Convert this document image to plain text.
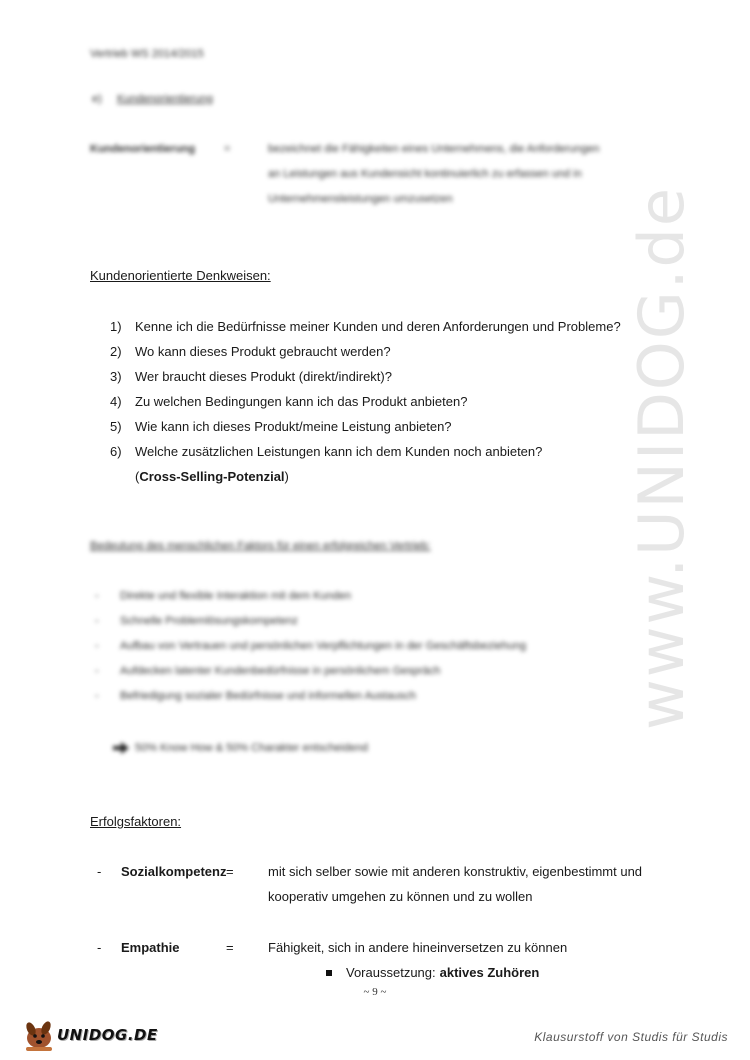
www.UNIDOG.de
Vertrieb WS 2014/2015
e) Kundenorientierung
Kundenorientierung	=	bezeichnet die Fähigkeiten eines Unternehmens, die Anforderungen
an Leistungen aus Kundensicht kontinuierlich zu erfassen und in
Unternehmensleistungen umzusetzen
Kundenorientierte Denkweisen:
1)	Kenne ich die Bedürfnisse meiner Kunden und deren Anforderungen und Probleme?
2)	Wo kann dieses Produkt gebraucht werden?
3)	Wer braucht dieses Produkt (direkt/indirekt)?
4)	Zu welchen Bedingungen kann ich das Produkt anbieten?
5)	Wie kann ich dieses Produkt/meine Leistung anbieten?
6)	Welche zusätzlichen Leistungen kann ich dem Kunden noch anbieten?
(Cross-Selling-Potenzial)
Bedeutung des menschlichen Faktors für einen erfolgreichen Vertrieb:
-	Direkte und flexible Interaktion mit dem Kunden
-	Schnelle Problemlösungskompetenz
-	Aufbau von Vertrauen und persönlichen Verpflichtungen in der Geschäftsbeziehung
-	Aufdecken latenter Kundenbedürfnisse in persönlichem Gespräch
-	Befriedigung sozialer Bedürfnisse und informellen Austausch
50% Know How & 50% Charakter entscheidend
Erfolgsfaktoren:
- Sozialkompetenz =	mit sich selber sowie mit anderen konstruktiv, eigenbestimmt und
kooperativ umgehen zu können und zu wollen
- Empathie	=	Fähigkeit, sich in andere hineinversetzen zu können
Voraussetzung: aktives Zuhören
~ 9 ~
UNIDOG.DE	Klausurstoff von Studis für Studis
